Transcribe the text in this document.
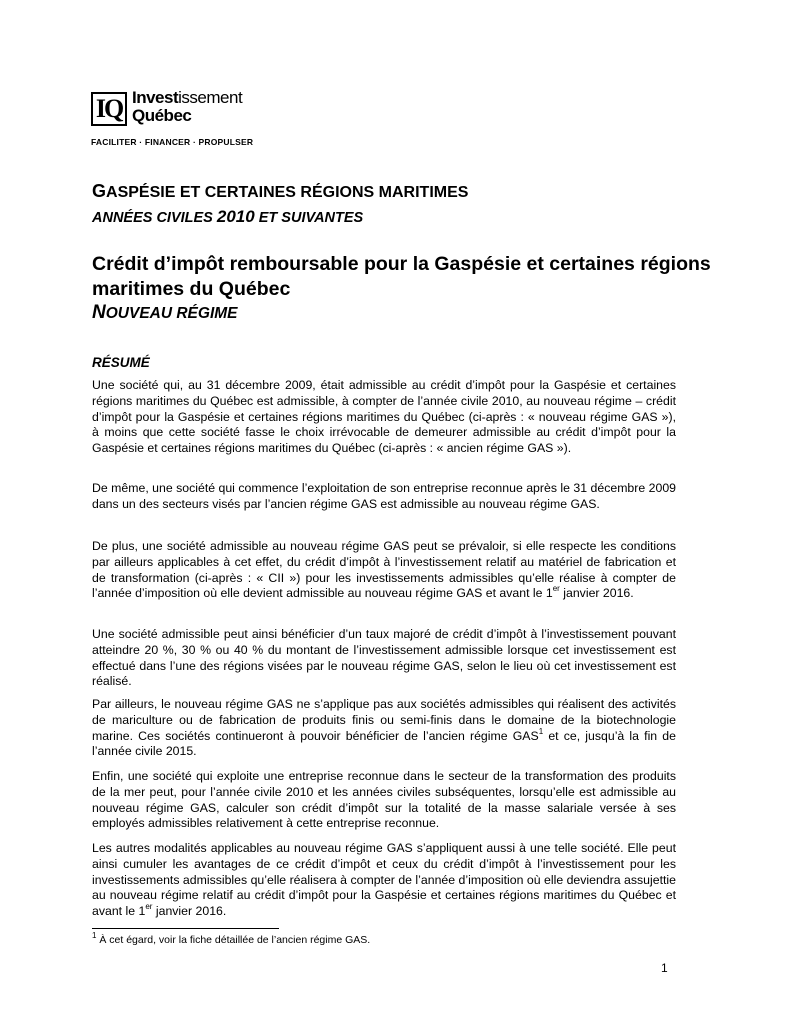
IQ Investissement
Québec
FACILITER · FINANCER · PROPULSER
GASPÉSIE ET CERTAINES RÉGIONS MARITIMES
ANNÉES CIVILES 2010 ET SUIVANTES
Crédit d’impôt remboursable pour la Gaspésie et certaines régions maritimes du Québec
NOUVEAU RÉGIME
RÉSUMÉ
Une société qui, au 31 décembre 2009, était admissible au crédit d’impôt pour la Gaspésie et certaines régions maritimes du Québec est admissible, à compter de l’année civile 2010, au nouveau régime – crédit d’impôt pour la Gaspésie et certaines régions maritimes du Québec (ci-après : « nouveau régime GAS »), à moins que cette société fasse le choix irrévocable de demeurer admissible au crédit d’impôt pour la Gaspésie et certaines régions maritimes du Québec (ci-après : « ancien régime GAS »).
De même, une société qui commence l’exploitation de son entreprise reconnue après le 31 décembre 2009 dans un des secteurs visés par l’ancien régime GAS est admissible au nouveau régime GAS.
De plus, une société admissible au nouveau régime GAS peut se prévaloir, si elle respecte les conditions par ailleurs applicables à cet effet, du crédit d’impôt à l’investissement relatif au matériel de fabrication et de transformation (ci-après : « CII ») pour les investissements admissibles qu’elle réalise à compter de l’année d’imposition où elle devient admissible au nouveau régime GAS et avant le 1er janvier 2016.
Une société admissible peut ainsi bénéficier d’un taux majoré de crédit d’impôt à l’investissement pouvant atteindre 20 %, 30 % ou 40 % du montant de l’investissement admissible lorsque cet investissement est effectué dans l’une des régions visées par le nouveau régime GAS, selon le lieu où cet investissement est réalisé.
Par ailleurs, le nouveau régime GAS ne s’applique pas aux sociétés admissibles qui réalisent des activités de mariculture ou de fabrication de produits finis ou semi-finis dans le domaine de la biotechnologie marine. Ces sociétés continueront à pouvoir bénéficier de l’ancien régime GAS$^1$ et ce, jusqu’à la fin de l’année civile 2015.
Enfin, une société qui exploite une entreprise reconnue dans le secteur de la transformation des produits de la mer peut, pour l’année civile 2010 et les années civiles subséquentes, lorsqu’elle est admissible au nouveau régime GAS, calculer son crédit d’impôt sur la totalité de la masse salariale versée à ses employés admissibles relativement à cette entreprise reconnue.
Les autres modalités applicables au nouveau régime GAS s’appliquent aussi à une telle société. Elle peut ainsi cumuler les avantages de ce crédit d’impôt et ceux du crédit d’impôt à l’investissement pour les investissements admissibles qu’elle réalisera à compter de l’année d’imposition où elle deviendra assujettie au nouveau régime relatif au crédit d’impôt pour la Gaspésie et certaines régions maritimes du Québec et avant le 1er janvier 2016.
$^1$ À cet égard, voir la fiche détaillée de l’ancien régime GAS.
1
